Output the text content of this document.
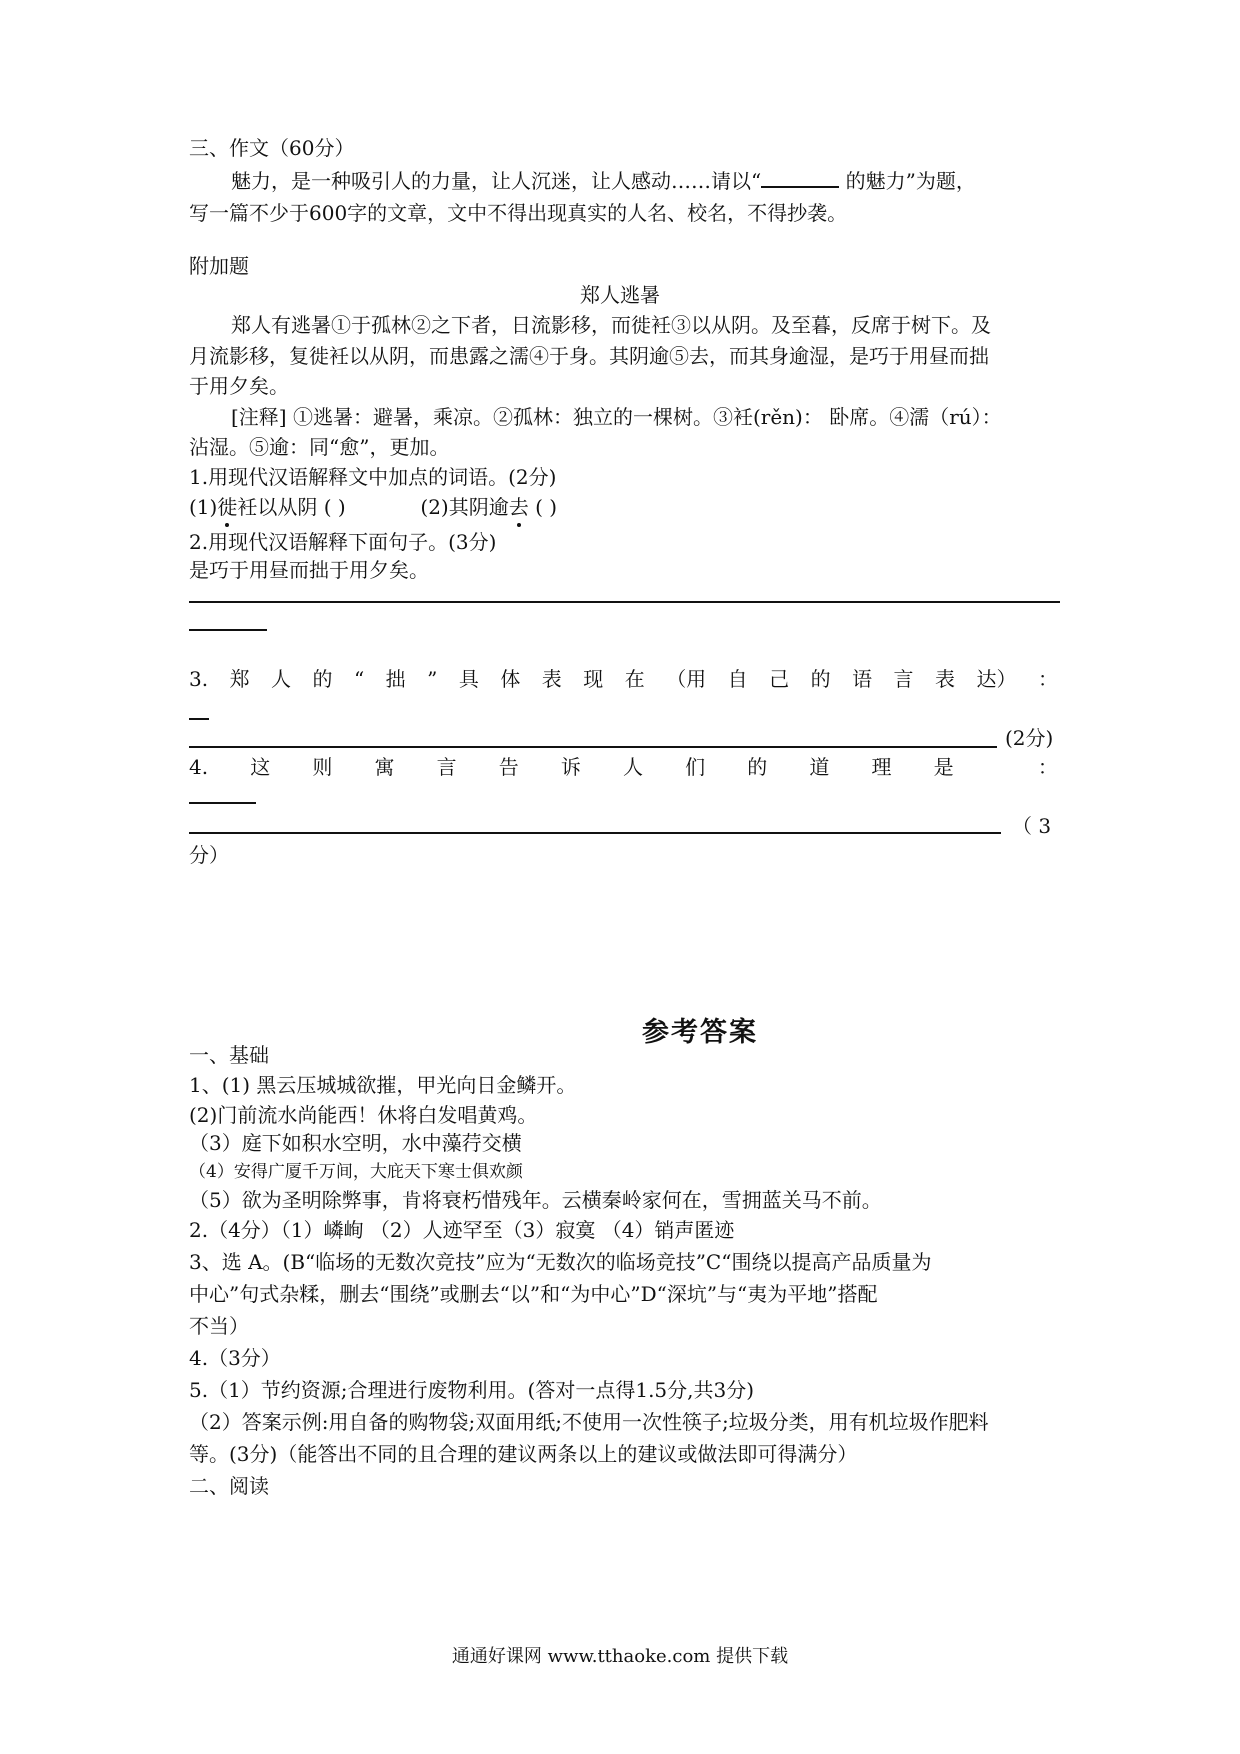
三、作文（60分）
魅力，是一种吸引人的力量，让人沉迷，让人感动……请以“	的魅力”为题，
写一篇不少于600字的文章，文中不得出现真实的人名、校名，不得抄袭。
附加题
郑人逃暑
郑人有逃暑①于孤林②之下者，日流影移，而徙衽③以从阴。及至暮，反席于树下。及
月流影移，复徙衽以从阴，而患露之濡④于身。其阴逾⑤去，而其身逾湿，是巧于用昼而拙
于用夕矣。
[注释] ①逃暑：避暑，乘凉。②孤林：独立的一棵树。③衽(rěn)： 卧席。④濡（rú）：
沾湿。⑤逾：同“愈”，更加。
1.用现代汉语解释文中加点的词语。(2分)
(1)徙衽以从阴 ( )	(2)其阴逾去 ( )
2.用现代汉语解释下面句子。(3分)
是巧于用昼而拙于用夕矣。
3. 郑 人 的 “ 拙 ” 具 体 表 现 在 （用 自 己 的 语 言 表 达） ：
(2分)
4. 这 则 寓 言 告 诉 人 们 的 道 理 是	：
（ 3
分）
参考答案
一、基础
1、(1) 黑云压城城欲摧，甲光向日金鳞开。
(2)门前流水尚能西！休将白发唱黄鸡。
（3）庭下如积水空明，水中藻荇交横
（4）安得广厦千万间，大庇天下寒士俱欢颜
（5）欲为圣明除弊事，肯将衰朽惜残年。云横秦岭家何在，雪拥蓝关马不前。
2.（4分）（1）嶙峋 （2）人迹罕至（3）寂寞 （4）销声匿迹
3、选 A。(B“临场的无数次竞技”应为“无数次的临场竞技”C“围绕以提高产品质量为
中心”句式杂糅，删去“围绕”或删去“以”和“为中心”D“深坑”与“夷为平地”搭配
不当）
4.（3分）
5.（1）节约资源;合理进行废物利用。(答对一点得1.5分,共3分)
（2）答案示例:用自备的购物袋;双面用纸;不使用一次性筷子;垃圾分类，用有机垃圾作肥料
等。(3分)（能答出不同的且合理的建议两条以上的建议或做法即可得满分）
二、阅读
通通好课网 www.tthaoke.com 提供下载
